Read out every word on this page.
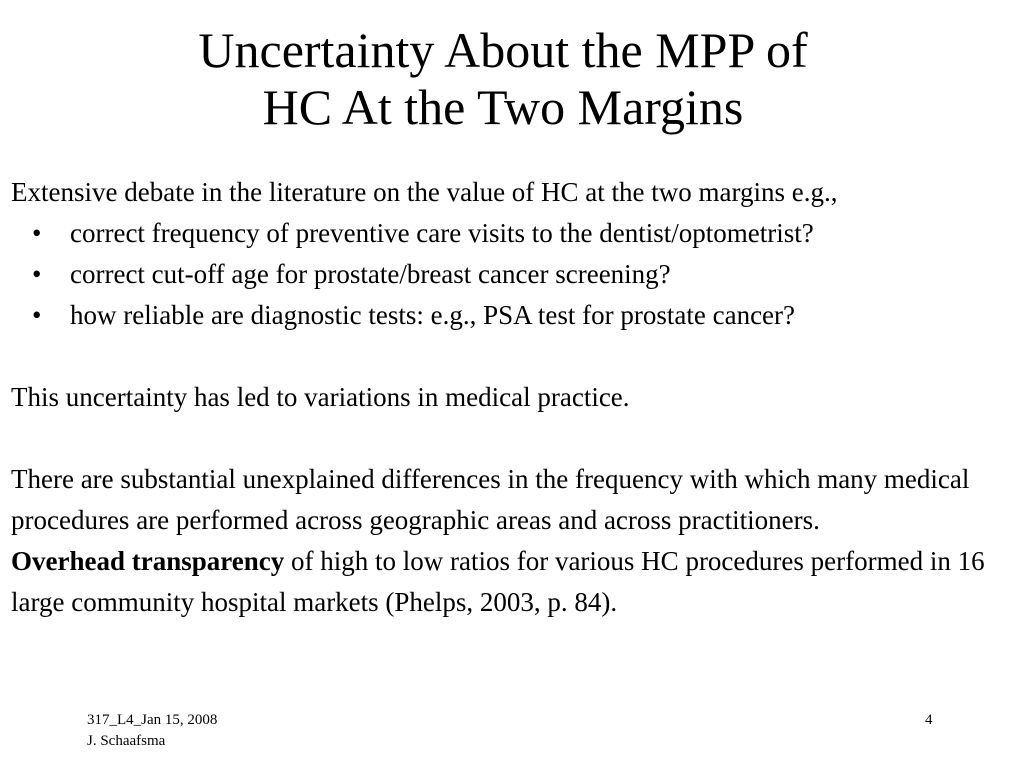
Uncertainty About the MPP of
HC At the Two Margins

Extensive debate in the literature on the value of HC at the two margins e.g.,

• correct frequency of preventive care visits to the dentist/optometrist?
• correct cut-off age for prostate/breast cancer screening?
• how reliable are diagnostic tests: e.g., PSA test for prostate cancer?

This uncertainty has led to variations in medical practice.

There are substantial unexplained differences in the frequency with which many medical procedures are performed across geographic areas and across practitioners.

Overhead transparency of high to low ratios for various HC procedures performed in 16 large community hospital markets (Phelps, 2003, p. 84).

317_L4_Jan 15, 2008
J. Schaafsma
4
